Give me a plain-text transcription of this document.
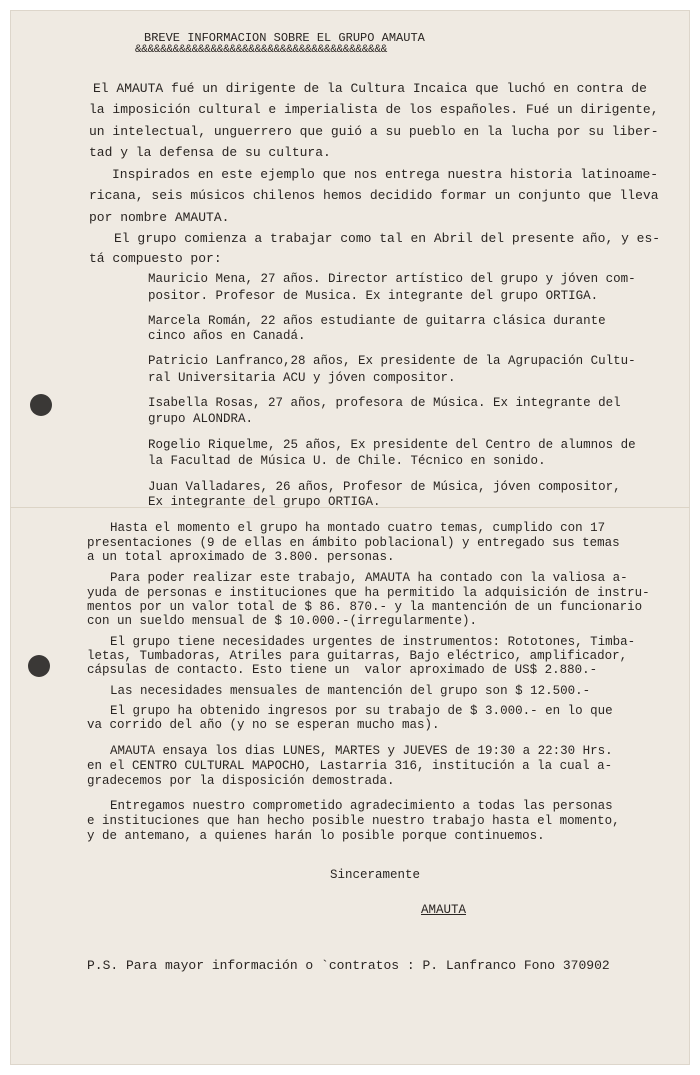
BREVE INFORMACION SOBRE EL GRUPO AMAUTA
&&&&&&&&&&&&&&&&&&&&&&&&&&&&&&&&&&&&&&&&
El AMAUTA fué un dirigente de la Cultura Incaica que luchó en contra de
la imposición cultural e imperialista de los españoles. Fué un dirigente,
un intelectual, unguerrero que guió a su pueblo en la lucha por su liber-
tad y la defensa de su cultura.
Inspirados en este ejemplo que nos entrega nuestra historia latinoame-
ricana, seis músicos chilenos hemos decidido formar un conjunto que lleva
por nombre AMAUTA.
El grupo comienza a trabajar como tal en Abril del presente año, y es-
tá compuesto por:
Mauricio Mena, 27 años. Director artístico del grupo y jóven com-
positor. Profesor de Musica. Ex integrante del grupo ORTIGA.
Marcela Román, 22 años estudiante de guitarra clásica durante
cinco años en Canadá.
Patricio Lanfranco,28 años, Ex presidente de la Agrupación Cultu-
ral Universitaria ACU y jóven compositor.
Isabella Rosas, 27 años, profesora de Música. Ex integrante del
grupo ALONDRA.
Rogelio Riquelme, 25 años, Ex presidente del Centro de alumnos de
la Facultad de Música U. de Chile. Técnico en sonido.
Juan Valladares, 26 años, Profesor de Música, jóven compositor,
Ex integrante del grupo ORTIGA.
Hasta el momento el grupo ha montado cuatro temas, cumplido con 17
presentaciones (9 de ellas en ámbito poblacional) y entregado sus temas
a un total aproximado de 3.800. personas.
Para poder realizar este trabajo, AMAUTA ha contado con la valiosa a-
yuda de personas e instituciones que ha permitido la adquisición de instru-
mentos por un valor total de $ 86. 870.- y la mantención de un funcionario
con un sueldo mensual de $ 10.000.-(irregularmente).
El grupo tiene necesidades urgentes de instrumentos: Rototones, Timba-
letas, Tumbadoras, Atriles para guitarras, Bajo eléctrico, amplificador,
cápsulas de contacto. Esto tiene un  valor aproximado de US$ 2.880.-
Las necesidades mensuales de mantención del grupo son $ 12.500.-
El grupo ha obtenido ingresos por su trabajo de $ 3.000.- en lo que
va corrido del año (y no se esperan mucho mas).
AMAUTA ensaya los dias LUNES, MARTES y JUEVES de 19:30 a 22:30 Hrs.
en el CENTRO CULTURAL MAPOCHO, Lastarria 316, institución a la cual a-
gradecemos por la disposición demostrada.
Entregamos nuestro comprometido agradecimiento a todas las personas
e instituciones que han hecho posible nuestro trabajo hasta el momento,
y de antemano, a quienes harán lo posible porque continuemos.
Sinceramente
AMAUTA
P.S. Para mayor información o `contratos : P. Lanfranco Fono 370902
